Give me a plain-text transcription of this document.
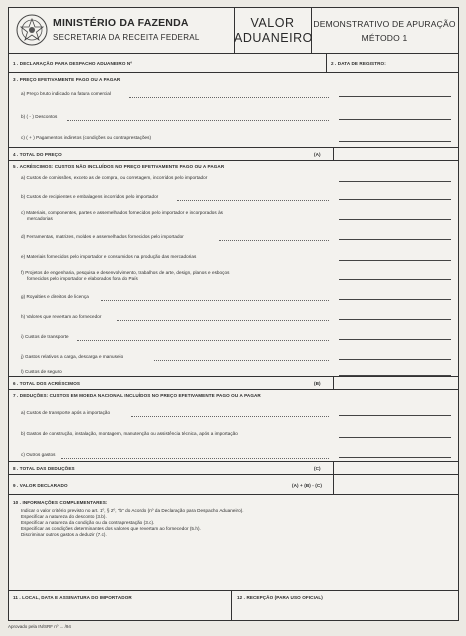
MINISTÉRIO DA FAZENDA
SECRETARIA DA RECEITA FEDERAL
VALOR
ADUANEIRO
DEMONSTRATIVO DE APURAÇÃO
MÉTODO 1
1 . DECLARAÇÃO PARA DESPACHO ADUANEIRO Nº	2 . DATA DE REGISTRO:
3 . PREÇO EFETIVAMENTE PAGO OU A PAGAR
a) Preço bruto indicado na fatura comercial
b) ( - ) Descontos
c) ( + ) Pagamentos indiretos (condições ou contraprestações)
4 . TOTAL DO PREÇO	(A)
5 . ACRÉSCIMOS: CUSTOS NÃO INCLUÍDOS NO PREÇO EFETIVAMENTE PAGO OU A PAGAR
a) Custos de comissões, exceto as de compra, ou corretagem, incorridos pelo importador
b) Custos de recipientes e embalagens incorridos pelo importador
c) Materiais, componentes, partes e assemelhados fornecidos pelo importador e incorporados às
mercadorias
d) Ferramentas, matrizes, moldes e assemelhados fornecidos pelo importador
e) Materiais fornecidos pelo importador e consumidos na produção das mercadorias
f) Projetos de engenharia, pesquisa e desenvolvimento, trabalhos de arte, design, planos e esboços
fornecidos pelo importador e elaborados fora do País
g) Royalties e direitos de licença
h) Valores que revertam ao fornecedor
i) Custos de transporte
j) Gastos relativos a carga, descarga e manuseio
l) Custos de seguro
6 . TOTAL DOS ACRÉSCIMOS	(B)
7 . DEDUÇÕES: CUSTOS EM MOEDA NACIONAL INCLUÍDOS NO PREÇO EFETIVAMENTE PAGO OU A PAGAR
a) Custos de transporte após a importação
b) Gastos de construção, instalação, montagem, manutenção ou assistência técnica, após a importação
c) Outros gastos
8 . TOTAL DAS DEDUÇÕES	(C)
9 . VALOR DECLARADO	(A) + (B) - (C)
10 . INFORMAÇÕES COMPLEMENTARES:
Indicar o valor critério previsto no art. 1º, § 2º, "b" do Acordo (nº da Declaração para Despacho Aduaneiro).
Especificar a natureza do desconto (3.b).
Especificar a natureza da condição ou da contraprestação (3.c).
Especificar as condições determinantes dos valores que revertam ao fornecedor (5.h).
Discriminar outros gastos a deduzir (7.c).
11 . LOCAL, DATA E ASSINATURA DO IMPORTADOR	12 . RECEPÇÃO (PARA USO OFICIAL)
Aprovado pela IN/SRF nº ... /94
